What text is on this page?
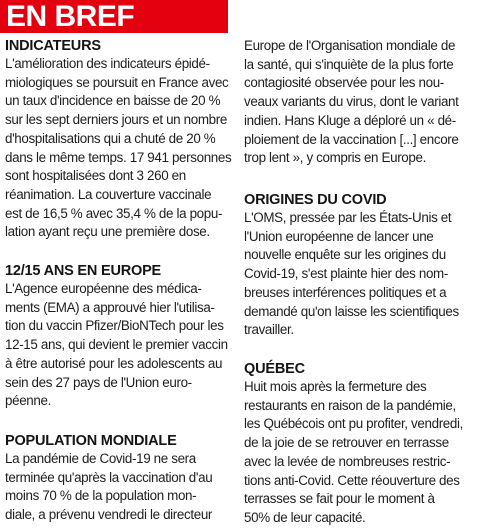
EN BREF
INDICATEURS
L'amélioration des indicateurs épidé-
miologiques se poursuit en France avec
un taux d'incidence en baisse de 20 %
sur les sept derniers jours et un nombre
d'hospitalisations qui a chuté de 20 %
dans le même temps. 17 941 personnes
sont hospitalisées dont 3 260 en
réanimation. La couverture vaccinale
est de 16,5 % avec 35,4 % de la popu-
lation ayant reçu une première dose.
12/15 ANS EN EUROPE
L'Agence européenne des médica-
ments (EMA) a approuvé hier l'utilisa-
tion du vaccin Pfizer/BioNTech pour les
12-15 ans, qui devient le premier vaccin
à être autorisé pour les adolescents au
sein des 27 pays de l'Union euro-
péenne.
POPULATION MONDIALE
La pandémie de Covid-19 ne sera
terminée qu'après la vaccination d'au
moins 70 % de la population mon-
diale, a prévenu vendredi le directeur
Europe de l'Organisation mondiale de
la santé, qui s'inquiète de la plus forte
contagiosité observée pour les nou-
veaux variants du virus, dont le variant
indien. Hans Kluge a déploré un « dé-
ploiement de la vaccination [...] encore
trop lent », y compris en Europe.
ORIGINES DU COVID
L'OMS, pressée par les États-Unis et
l'Union européenne de lancer une
nouvelle enquête sur les origines du
Covid-19, s'est plainte hier des nom-
breuses interférences politiques et a
demandé qu'on laisse les scientifiques
travailler.
QUÉBEC
Huit mois après la fermeture des
restaurants en raison de la pandémie,
les Québécois ont pu profiter, vendredi,
de la joie de se retrouver en terrasse
avec la levée de nombreuses restric-
tions anti-Covid. Cette réouverture des
terrasses se fait pour le moment à
50% de leur capacité.
